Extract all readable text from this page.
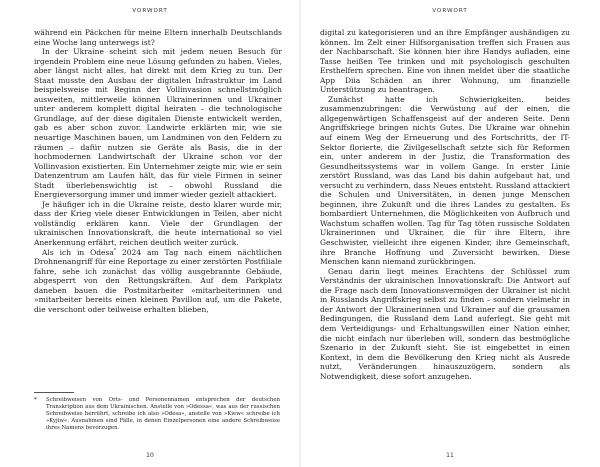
VORWORT

während ein Päckchen für meine Eltern innerhalb Deutschlands eine Woche lang unterwegs ist?

In der Ukraine scheint sich mit jedem neuen Besuch für irgendein Problem eine neue Lösung gefunden zu haben. Vieles, aber längst nicht alles, hat direkt mit dem Krieg zu tun. Der Staat musste den Ausbau der digitalen Infrastruktur im Land beispielsweise mit Beginn der Vollinvasion schnellstmöglich ausweiten, mittlerweile können Ukrainerinnen und Ukrainer unter anderem komplett digital heiraten – die technologische Grundlage, auf der diese digitalen Dienste entwickelt werden, gab es aber schon zuvor. Landwirte erklärten mir, wie sie neuartige Maschinen bauen, um Landminen von den Feldern zu räumen – dafür nutzen sie Geräte als Basis, die in der hochmodernen Landwirtschaft der Ukraine schon vor der Vollinvasion existierten. Ein Unternehmer zeigte mir, wie er sein Datenzentrum am Laufen hält, das für viele Firmen in seiner Stadt überlebenswichtig ist – obwohl Russland die Energieversorgung immer und immer wieder gezielt attackiert.

Je häufiger ich in die Ukraine reiste, desto klarer wurde mir, dass der Krieg viele dieser Entwicklungen in Teilen, aber nicht vollständig erklären kann. Viele der Grundlagen der ukrainischen Innovationskraft, die heute international so viel Anerkennung erfährt, reichen deutlich weiter zurück.

Als ich in Odesa* 2024 am Tag nach einem nächtlichen Drohnenangriff für eine Reportage zu einer zerstörten Postfiliale fahre, sehe ich zunächst das völlig ausgebrannte Gebäude, abgesperrt von den Rettungskräften. Auf dem Parkplatz daneben bauen die Postmitarbeiter »mitarbeiterinnen und »mitarbeiter bereits einen kleinen Pavillon auf, um die Pakete, die verschont oder teilweise erhalten blieben,

*	Schreibweisen von Orts- und Personennamen entsprechen der deutschen Transkription aus dem Ukrainischen. Anstelle von »Odessa«, was aus der russischen Schreibweise herrührt, schreibe ich also »Odesa«, anstelle von »Kiew« schreibe ich »Kyjiw«. Ausnahmen sind Fälle, in denen Einzelpersonen eine andere Schreibweise ihres Namens bevorzugen.
10
VORWORT

digital zu kategorisieren und an ihre Empfänger aushändigen zu können. Im Zelt einer Hilfsorganisation treffen sich Frauen aus der Nachbarschaft. Sie können hier ihre Handys aufladen, eine Tasse heißen Tee trinken und mit psychologisch geschulten Ersthelfern sprechen. Eine von ihnen meldet über die staatliche App Diia Schäden an ihrer Wohnung, um finanzielle Unterstützung zu beantragen.

Zunächst hatte ich Schwierigkeiten, beides zusammenzubringen: die Verwüstung auf der einen, die allgegenwärtigen Schaffensgeist auf der anderen Seite. Denn Angriffskriege bringen nichts Gutes. Die Ukraine war ohnehin auf einem Weg der Erneuerung und des Fortschritts, der IT-Sektor florierte, die Zivilgesellschaft setzte sich für Reformen ein, unter anderem in der Justiz, die Transformation des Gesundheitssystems war in vollem Gange. In erster Linie zerstört Russland, was das Land bis dahin aufgebaut hat, und versucht zu verhindern, dass Neues entsteht. Russland attackiert die Schulen und Universitäten, in denen junge Menschen beginnen, ihre Zukunft und die ihres Landes zu gestalten. Es bombardiert Unternehmen, die Möglichkeiten von Aufbruch und Wachstum schaffen wollen. Tag für Tag töten russische Soldaten Ukrainerinnen und Ukrainer, die für ihre Eltern, ihre Geschwister, vielleicht ihre eigenen Kinder, ihre Gemeinschaft, ihre Branche Hoffnung und Zuversicht bewirken. Diese Menschen kann niemand zurückbringen.

Genau darin liegt meines Erachtens der Schlüssel zum Verständnis der ukrainischen Innovationskraft: Die Antwort auf die Frage nach dem Innovationsvermögen der Ukrainer ist nicht in Russlands Angriffskrieg selbst zu finden – sondern vielmehr in der Antwort der Ukrainerinnen und Ukrainer auf die grausamen Bedingungen, die Russland dem Land auferlegt. Sie geht mit dem Verteidigungs- und Erhaltungswillen einer Nation einher, die nicht einfach nur überleben will, sondern das bestmögliche Szenario in der Zukunft sieht. Sie ist eingebettet in einen Kontext, in dem die Bevölkerung den Krieg nicht als Ausrede nutzt, Veränderungen hinauszuzögern, sondern als Notwendigkeit, diese sofort anzugehen.

11
